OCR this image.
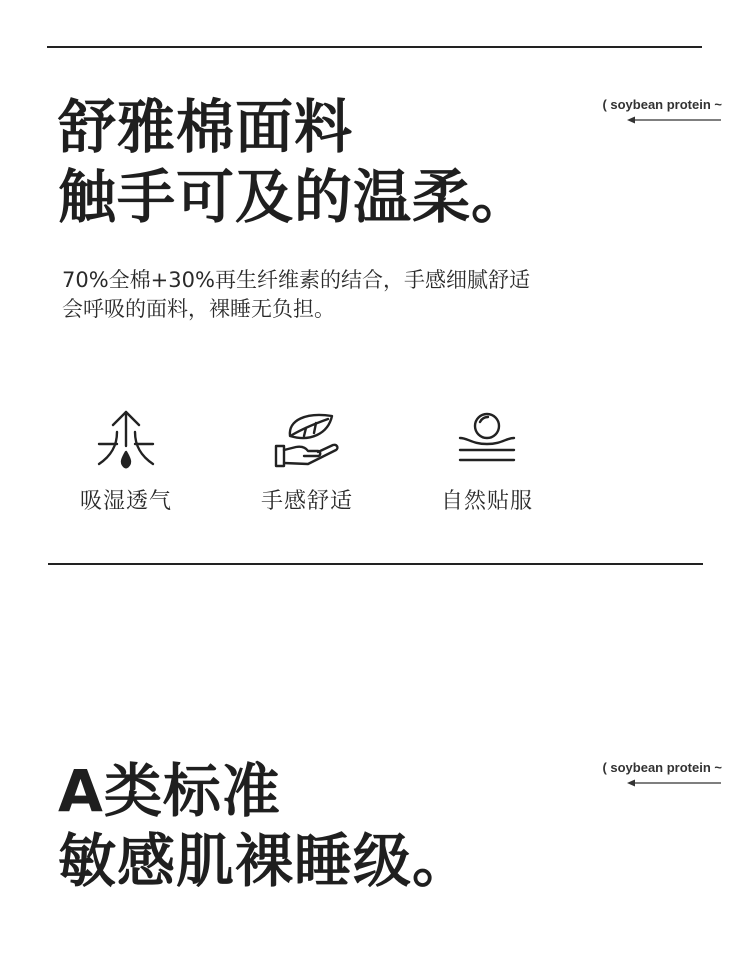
舒雅棉面料
触手可及的温柔。
( soybean protein ~

70%全棉+30%再生纤维素的结合，手感细腻舒适
会呼吸的面料，裸睡无负担。

吸湿透气	手感舒适	自然贴服
A类标准
敏感肌裸睡级。
( soybean protein ~
